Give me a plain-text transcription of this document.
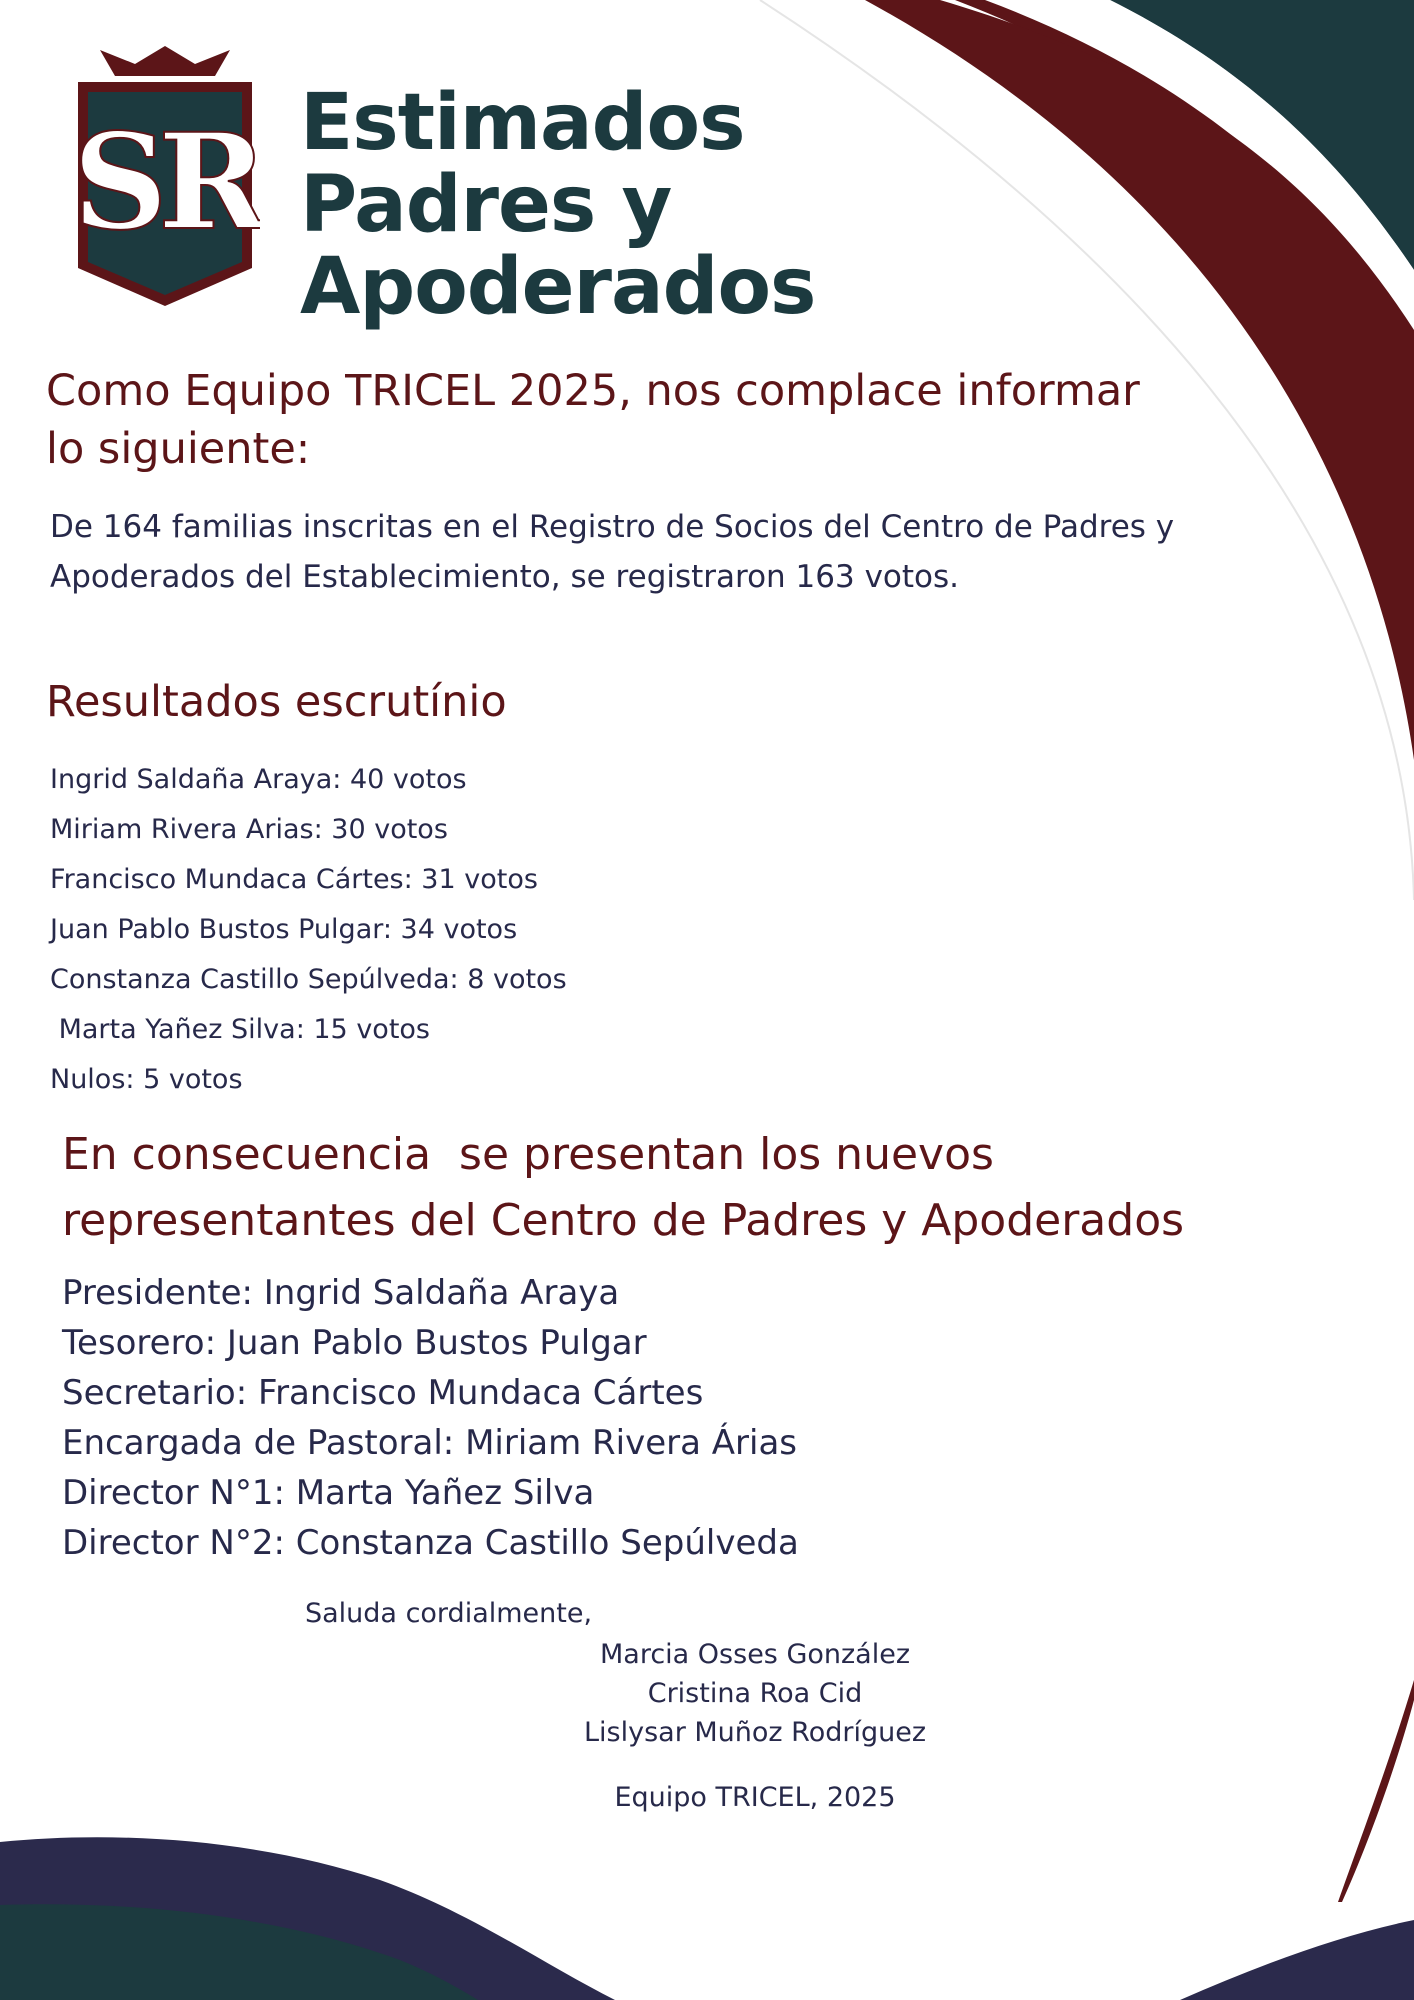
SR Estimados
Padres y
Apoderados
Como Equipo TRICEL 2025, nos complace informar lo siguiente:

De 164 familias inscritas en el Registro de Socios del Centro de Padres y Apoderados del Establecimiento, se registraron 163 votos.

Resultados escrutínio
Ingrid Saldaña Araya: 40 votos
Miriam Rivera Arias: 30 votos
Francisco Mundaca Cártes: 31 votos
Juan Pablo Bustos Pulgar: 34 votos
Constanza Castillo Sepúlveda: 8 votos
Marta Yañez Silva: 15 votos
Nulos: 5 votos
En consecuencia  se presentan los nuevos
representantes del Centro de Padres y Apoderados
Presidente: Ingrid Saldaña Araya
Tesorero: Juan Pablo Bustos Pulgar
Secretario: Francisco Mundaca Cártes
Encargada de Pastoral: Miriam Rivera Árias
Director N°1: Marta Yañez Silva
Director N°2: Constanza Castillo Sepúlveda

Saluda cordialmente,

Marcia Osses González
Cristina Roa Cid
Lislysar Muñoz Rodríguez

Equipo TRICEL, 2025
